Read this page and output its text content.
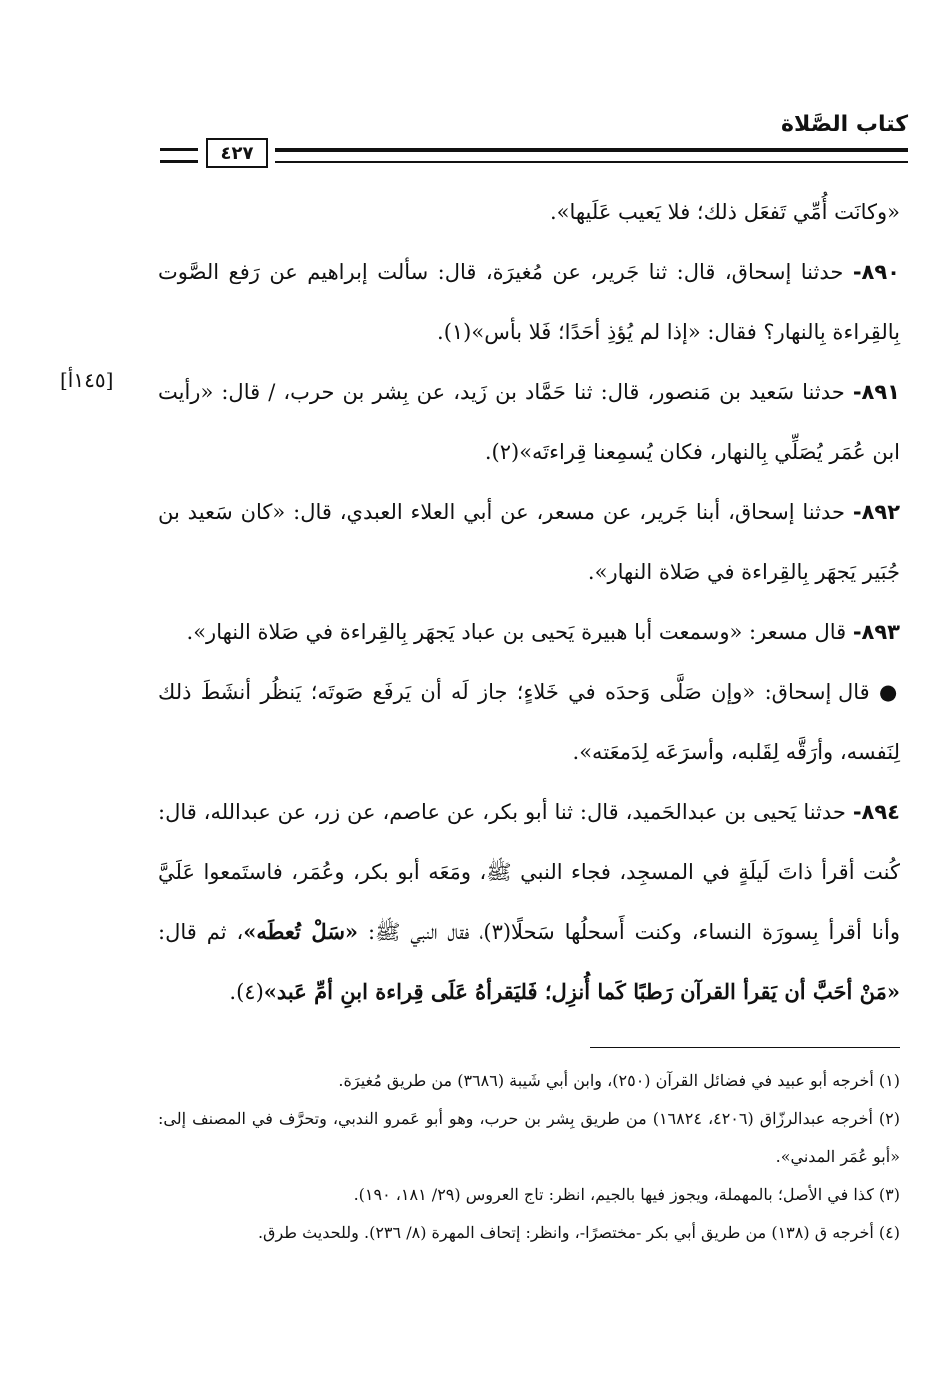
كتاب الصَّلاة
٤٢٧
[١٤٥أ]

«وكانَت أُمِّي تَفعَل ذلك؛ فلا يَعيب عَلَيها».

٨٩٠- حدثنا إسحاق، قال: ثنا جَرير، عن مُغيرَة، قال: سألت إبراهيم عن رَفع الصَّوت بِالقِراءة بِالنهار؟ فقال: «إذا لم يُؤذِ أحَدًا؛ فَلا بأس»(١).

٨٩١- حدثنا سَعيد بن مَنصور، قال: ثنا حَمَّاد بن زَيد، عن بِشر بن حرب، / قال: «رأيت ابن عُمَر يُصَلِّي بِالنهار، فكان يُسمِعنا قِراءتَه»(٢).

٨٩٢- حدثنا إسحاق، أبنا جَرير، عن مسعر، عن أبي العلاء العبدي، قال: «كان سَعيد بن جُبَير يَجهَر بِالقِراءة في صَلاة النهار».

٨٩٣- قال مسعر: «وسمعت أبا هبيرة يَحيى بن عباد يَجهَر بِالقِراءة في صَلاة النهار».

● قال إسحاق: «وإن صَلَّى وَحدَه في خَلاءٍ؛ جاز لَه أن يَرفَع صَوتَه؛ يَنظُر أنشَطَ ذلك لِنَفسه، وأرَقَّه لِقَلبه، وأسرَعَه لِدَمعَته».

٨٩٤- حدثنا يَحيى بن عبدالحَميد، قال: ثنا أبو بكر، عن عاصم، عن زر، عن عبدالله، قال: كُنت أقرأ ذاتَ لَيلَةٍ في المسجِد، فجاء النبي ﷺ، ومَعَه أبو بكر، وعُمَر، فاستَمعوا عَلَيَّ وأنا أقرأ بِسورَة النساء، وكنت أَسحلُها سَحلًا(٣)، فقال النبي ﷺ: «سَلْ تُعطَه»، ثم قال: «مَنْ أحَبَّ أن يَقرأ القرآن رَطبًا كَما أُنزِل؛ فَليَقرأهُ عَلَى قِراءة ابنِ أمِّ عَبد»(٤).

(١) أخرجه أبو عبيد في فضائل القرآن (٢٥٠)، وابن أبي شَيبة (٣٦٨٦) من طريق مُغيرَة.

(٢) أخرجه عبدالرزّاق (٤٢٠٦، ١٦٨٢٤) من طريق بِشر بن حرب، وهو أبو عَمرو الندبي، وتحرَّف في المصنف إلى: «أبو عُمَر المدني».

(٣) كذا في الأصل؛ بالمهملة، ويجوز فيها بالجيم، انظر: تاج العروس (٢٩/ ١٨١، ١٩٠).

(٤) أخرجه ق (١٣٨) من طريق أبي بكر -مختصرًا-، وانظر: إتحاف المهرة (٨/ ٢٣٦). وللحديث طرق.
